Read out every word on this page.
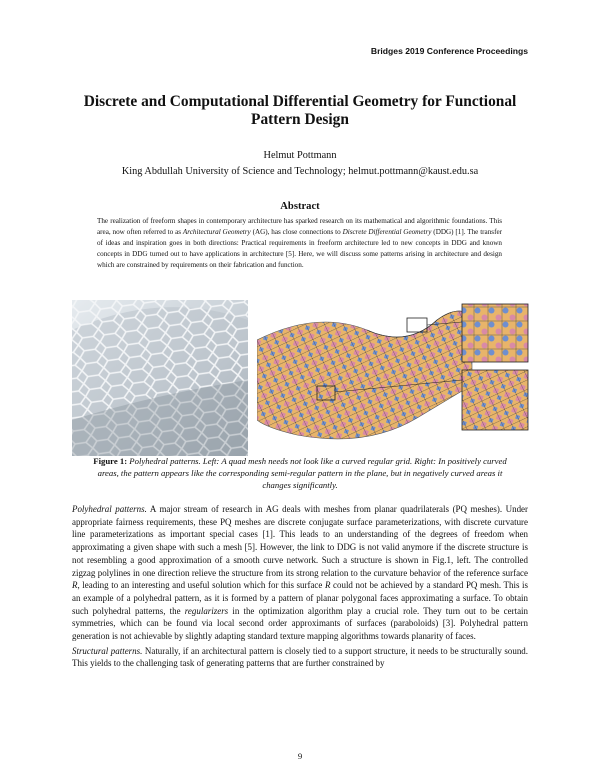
Bridges 2019 Conference Proceedings
Discrete and Computational Differential Geometry for Functional
Pattern Design
Helmut Pottmann
King Abdullah University of Science and Technology; helmut.pottmann@kaust.edu.sa
Abstract
The realization of freeform shapes in contemporary architecture has sparked research on its mathematical and algorithmic foundations. This area, now often referred to as Architectural Geometry (AG), has close connections to Discrete Differential Geometry (DDG) [1]. The transfer of ideas and inspiration goes in both directions: Practical requirements in freeform architecture led to new concepts in DDG and known concepts in DDG turned out to have applications in architecture [5]. Here, we will discuss some patterns arising in architecture and design which are constrained by requirements on their fabrication and function.
Figure 1: Polyhedral patterns. Left: A quad mesh needs not look like a curved regular grid. Right: In positively curved areas, the pattern appears like the corresponding semi-regular pattern in the plane, but in negatively curved areas it changes significantly.

Polyhedral patterns. A major stream of research in AG deals with meshes from planar quadrilaterals (PQ meshes). Under appropriate fairness requirements, these PQ meshes are discrete conjugate surface parameterizations, with discrete curvature line parameterizations as important special cases [1]. This leads to an understanding of the degrees of freedom when approximating a given shape with such a mesh [5]. However, the link to DDG is not valid anymore if the discrete structure is not resembling a good approximation of a smooth curve network. Such a structure is shown in Fig.1, left. The controlled zigzag polylines in one direction relieve the structure from its strong relation to the curvature behavior of the reference surface R, leading to an interesting and useful solution which for this surface R could not be achieved by a standard PQ mesh. This is an example of a polyhedral pattern, as it is formed by a pattern of planar polygonal faces approximating a surface. To obtain such polyhedral patterns, the regularizers in the optimization algorithm play a crucial role. They turn out to be certain symmetries, which can be found via local second order approximants of surfaces (paraboloids) [3]. Polyhedral pattern generation is not achievable by slightly adapting standard texture mapping algorithms towards planarity of faces.

Structural patterns. Naturally, if an architectural pattern is closely tied to a support structure, it needs to be structurally sound. This yields to the challenging task of generating patterns that are further constrained by

9
